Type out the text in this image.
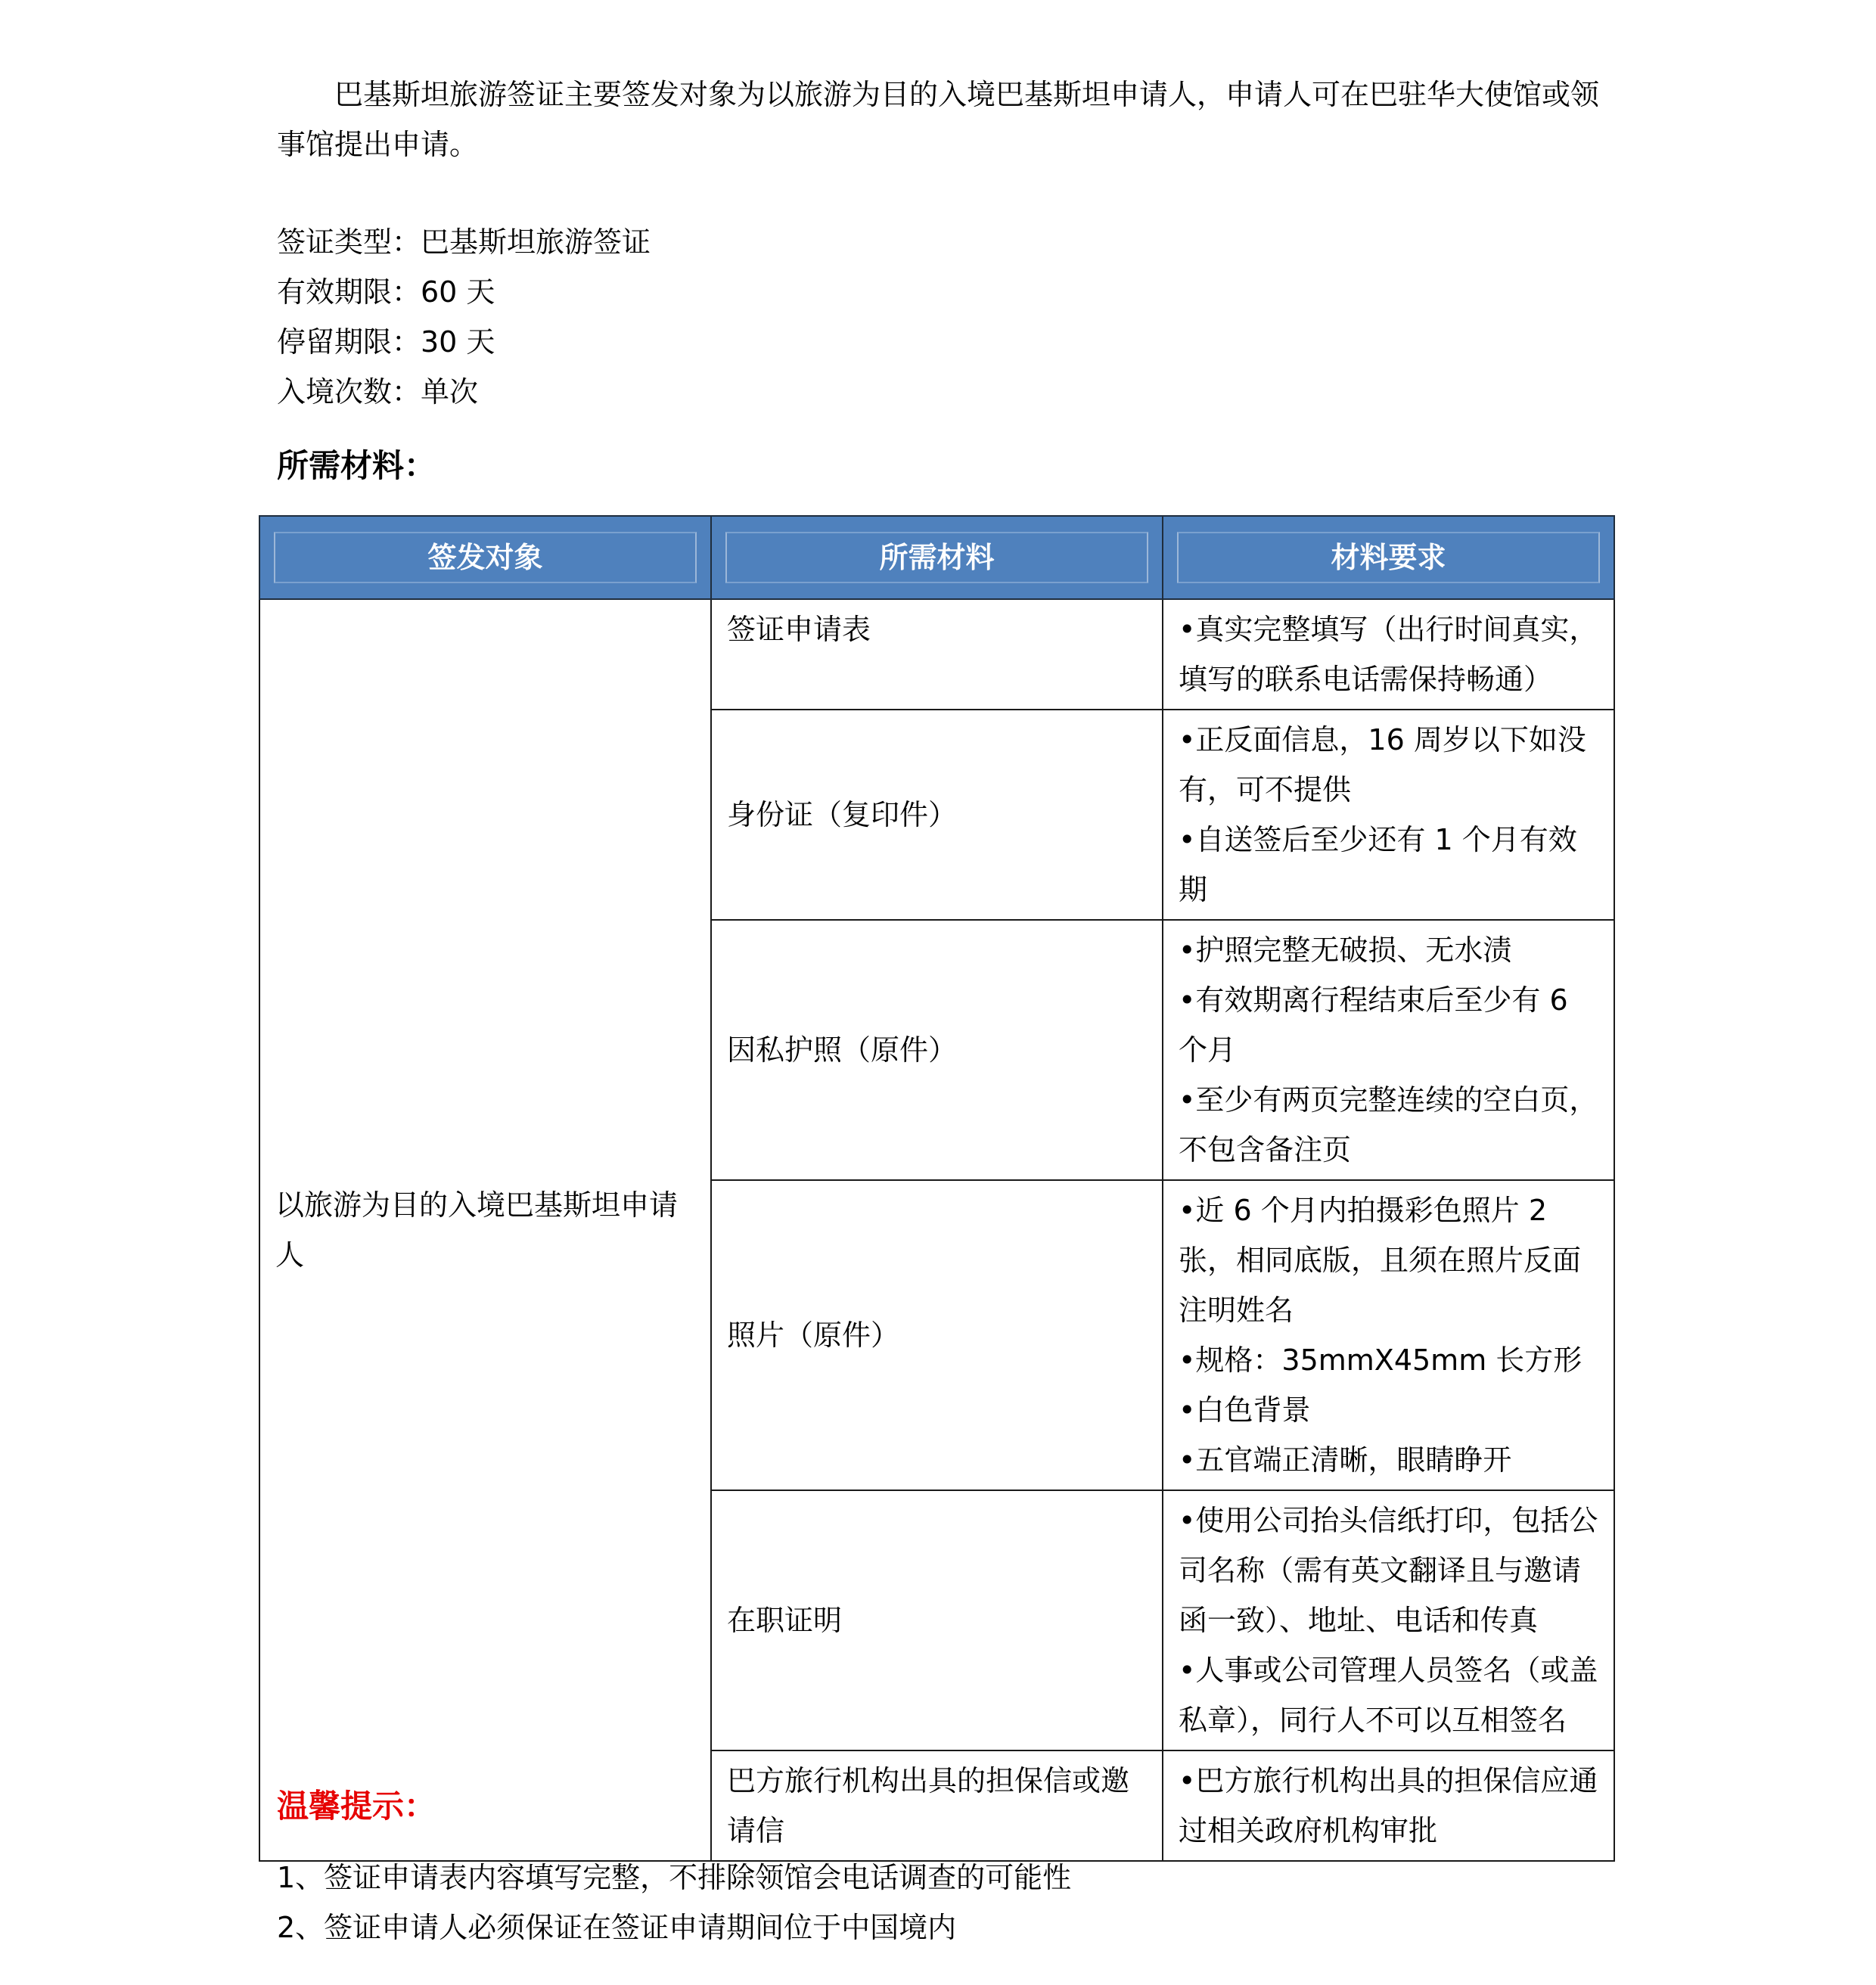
巴基斯坦旅游签证主要签发对象为以旅游为目的入境巴基斯坦申请人，申请人可在巴驻华大使馆或领事馆提出申请。

签证类型：巴基斯坦旅游签证
有效期限：60 天
停留期限：30 天
入境次数：单次
所需材料：
签发对象	所需材料	材料要求

以旅游为目的入境巴基斯坦申请人	签证申请表	•真实完整填写（出行时间真实，填写的联系电话需保持畅通）

	身份证（复印件）	•正反面信息，16 周岁以下如没有，可不提供
•自送签后至少还有 1 个月有效期

	因私护照（原件）	•护照完整无破损、无水渍
•有效期离行程结束后至少有 6 个月
•至少有两页完整连续的空白页，不包含备注页

	照片（原件）	•近 6 个月内拍摄彩色照片 2 张，相同底版，且须在照片反面注明姓名
•规格：35mmX45mm 长方形
•白色背景
•五官端正清晰，眼睛睁开

	在职证明	•使用公司抬头信纸打印，包括公司名称（需有英文翻译且与邀请函一致）、地址、电话和传真
•人事或公司管理人员签名（或盖私章），同行人不可以互相签名

	巴方旅行机构出具的担保信或邀请信	•巴方旅行机构出具的担保信应通过相关政府机构审批
温馨提示：
1、签证申请表内容填写完整，不排除领馆会电话调查的可能性
2、签证申请人必须保证在签证申请期间位于中国境内
